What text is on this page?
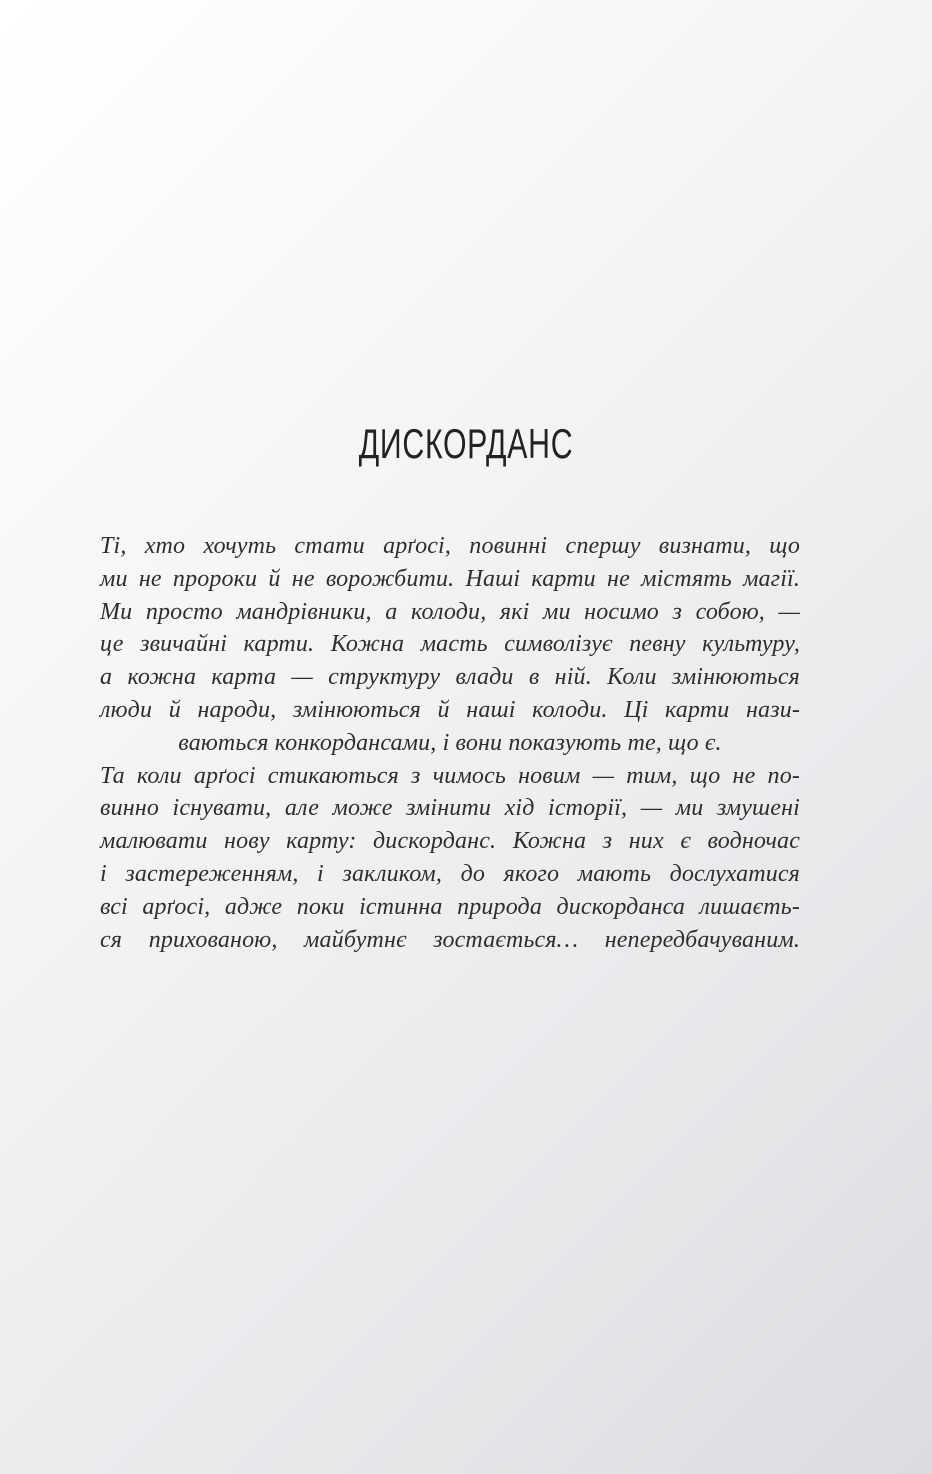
ДИСКОРДАНС
Ті, хто хочуть стати арґосі, повинні спершу визнати, що
ми не пророки й не ворожбити. Наші карти не містять магії.
Ми просто мандрівники, а колоди, які ми носимо з собою, —
це звичайні карти. Кожна масть символізує певну культуру,
а кожна карта — структуру влади в ній. Коли змінюються
люди й народи, змінюються й наші колоди. Ці карти нази-
ваються конкордансами, і вони показують те, що є.
Та коли арґосі стикаються з чимось новим — тим, що не по-
винно існувати, але може змінити хід історії, — ми змушені
малювати нову карту: дискорданс. Кожна з них є водночас
і застереженням, і закликом, до якого мають дослухатися
всі арґосі, адже поки істинна природа дискорданса лишаєть-
ся прихованою, майбутнє зостається… непередбачуваним.
